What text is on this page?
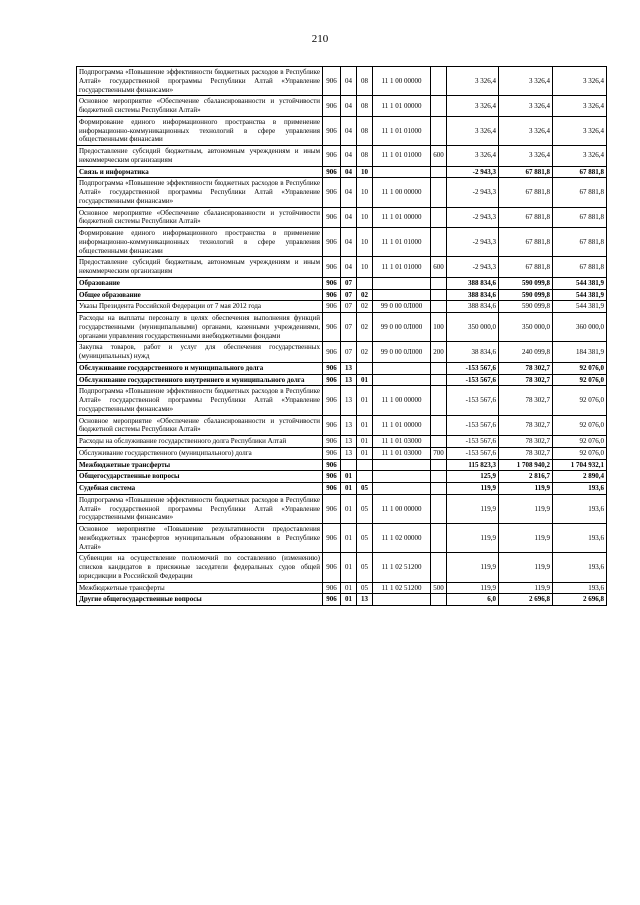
210
Подпрограмма «Повышение эффективности бюджетных расходов в Республике Алтай» государственной программы Республики Алтай «Управление государственными финансами»	906	04	08	11 1 00 00000		3 326,4	3 326,4	3 326,4
Основное мероприятие «Обеспечение сбалансированности и устойчивости бюджетной системы Республики Алтай»	906	04	08	11 1 01 00000		3 326,4	3 326,4	3 326,4
Формирование единого информационного пространства в применение информационно-коммуникационных технологий в сфере управления общественными финансами	906	04	08	11 1 01 01000		3 326,4	3 326,4	3 326,4
Предоставление субсидий бюджетным, автономным учреждениям и иным некоммерческим организациям	906	04	08	11 1 01 01000	600	3 326,4	3 326,4	3 326,4
Связь и информатика	906	04	10			-2 943,3	67 881,8	67 881,8
Подпрограмма «Повышение эффективности бюджетных расходов в Республике Алтай» государственной программы Республики Алтай «Управление государственными финансами»	906	04	10	11 1 00 00000		-2 943,3	67 881,8	67 881,8
Основное мероприятие «Обеспечение сбалансированности и устойчивости бюджетной системы Республики Алтай»	906	04	10	11 1 01 00000		-2 943,3	67 881,8	67 881,8
Формирование единого информационного пространства в применение информационно-коммуникационных технологий в сфере управления общественными финансами	906	04	10	11 1 01 01000		-2 943,3	67 881,8	67 881,8
Предоставление субсидий бюджетным, автономным учреждениям и иным некоммерческим организациям	906	04	10	11 1 01 01000	600	-2 943,3	67 881,8	67 881,8
Образование	906	07				388 834,6	590 099,8	544 381,9
Общее образование	906	07	02			388 834,6	590 099,8	544 381,9
Указы Президента Российской Федерации от 7 мая 2012 года	906	07	02	99 0 00 0Л000		388 834,6	590 099,8	544 381,9
Расходы на выплаты персоналу в целях обеспечения выполнения функций государственными (муниципальными) органами, казенными учреждениями, органами управления государственными внебюджетными фондами	906	07	02	99 0 00 0Л000	100	350 000,0	350 000,0	360 000,0
Закупка товаров, работ и услуг для обеспечения государственных (муниципальных) нужд	906	07	02	99 0 00 0Л000	200	38 834,6	240 099,8	184 381,9
Обслуживание государственного и муниципального долга	906	13				-153 567,6	78 302,7	92 076,0
Обслуживание государственного внутреннего и муниципального долга	906	13	01			-153 567,6	78 302,7	92 076,0
Подпрограмма «Повышение эффективности бюджетных расходов в Республике Алтай» государственной программы Республики Алтай «Управление государственными финансами»	906	13	01	11 1 00 00000		-153 567,6	78 302,7	92 076,0
Основное мероприятие «Обеспечение сбалансированности и устойчивости бюджетной системы Республики Алтай»	906	13	01	11 1 01 00000		-153 567,6	78 302,7	92 076,0
Расходы на обслуживание государственного долга Республики Алтай	906	13	01	11 1 01 03000		-153 567,6	78 302,7	92 076,0
Обслуживание государственного (муниципального) долга	906	13	01	11 1 01 03000	700	-153 567,6	78 302,7	92 076,0
Межбюджетные трансферты	906					115 823,3	1 708 940,2	1 704 932,1
Общегосударственные вопросы	906	01				125,9	2 816,7	2 890,4
Судебная система	906	01	05			119,9	119,9	193,6
Подпрограмма «Повышение эффективности бюджетных расходов в Республике Алтай» государственной программы Республики Алтай «Управление государственными финансами»	906	01	05	11 1 00 00000		119,9	119,9	193,6
Основное мероприятие «Повышение результативности предоставления межбюджетных трансфертов муниципальным образованиям в Республике Алтай»	906	01	05	11 1 02 00000		119,9	119,9	193,6
Субвенции на осуществление полномочий по составлению (изменению) списков кандидатов в присяжные заседатели федеральных судов общей юрисдикции в Российской Федерации	906	01	05	11 1 02 51200		119,9	119,9	193,6
Межбюджетные трансферты	906	01	05	11 1 02 51200	500	119,9	119,9	193,6
Другие общегосударственные вопросы	906	01	13			6,0	2 696,8	2 696,8
